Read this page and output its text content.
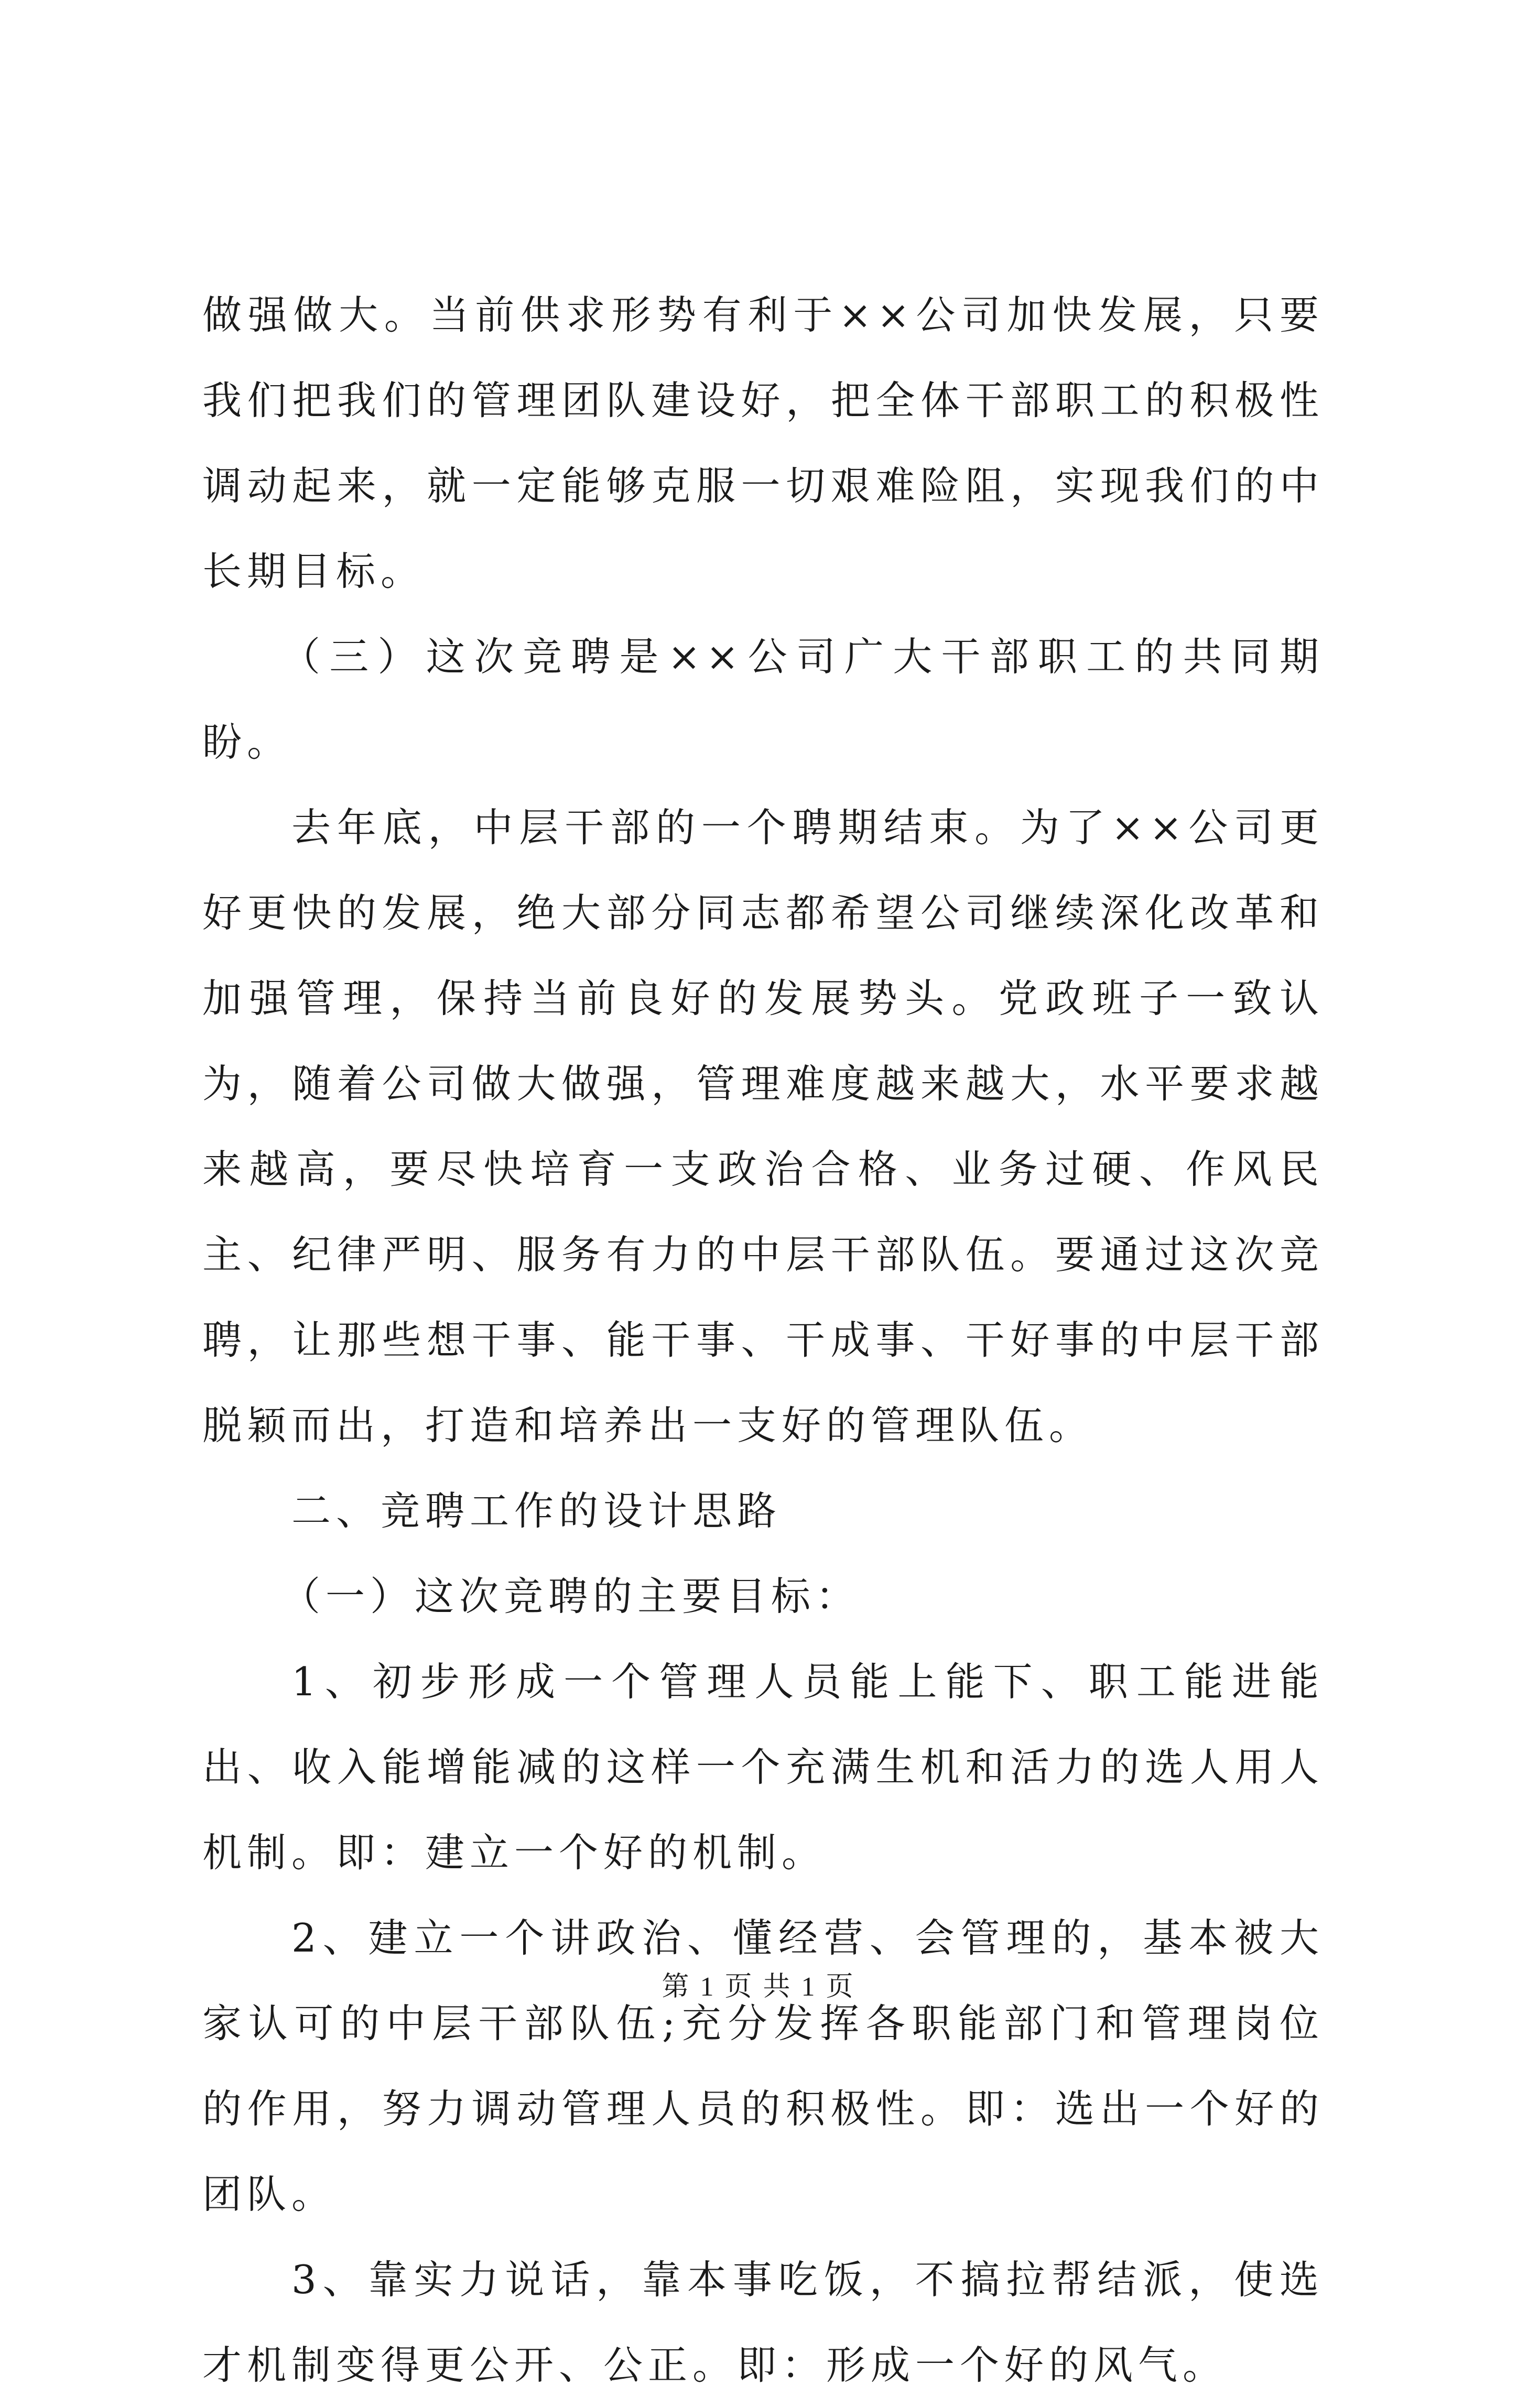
做强做大。当前供求形势有利于××公司加快发展，只要我们把我们的管理团队建设好，把全体干部职工的积极性调动起来，就一定能够克服一切艰难险阻，实现我们的中长期目标。

（三）这次竞聘是××公司广大干部职工的共同期盼。

去年底，中层干部的一个聘期结束。为了××公司更好更快的发展，绝大部分同志都希望公司继续深化改革和加强管理，保持当前良好的发展势头。党政班子一致认为，随着公司做大做强，管理难度越来越大，水平要求越来越高，要尽快培育一支政治合格、业务过硬、作风民主、纪律严明、服务有力的中层干部队伍。要通过这次竞聘，让那些想干事、能干事、干成事、干好事的中层干部脱颖而出，打造和培养出一支好的管理队伍。

二、竞聘工作的设计思路

（一）这次竞聘的主要目标：

1、初步形成一个管理人员能上能下、职工能进能出、收入能增能减的这样一个充满生机和活力的选人用人机制。即：建立一个好的机制。

2、建立一个讲政治、懂经营、会管理的，基本被大家认可的中层干部队伍;充分发挥各职能部门和管理岗位的作用，努力调动管理人员的积极性。即：选出一个好的团队。

3、靠实力说话，靠本事吃饭，不搞拉帮结派，使选才机制变得更公开、公正。即：形成一个好的风气。

第 1 页 共 1 页
